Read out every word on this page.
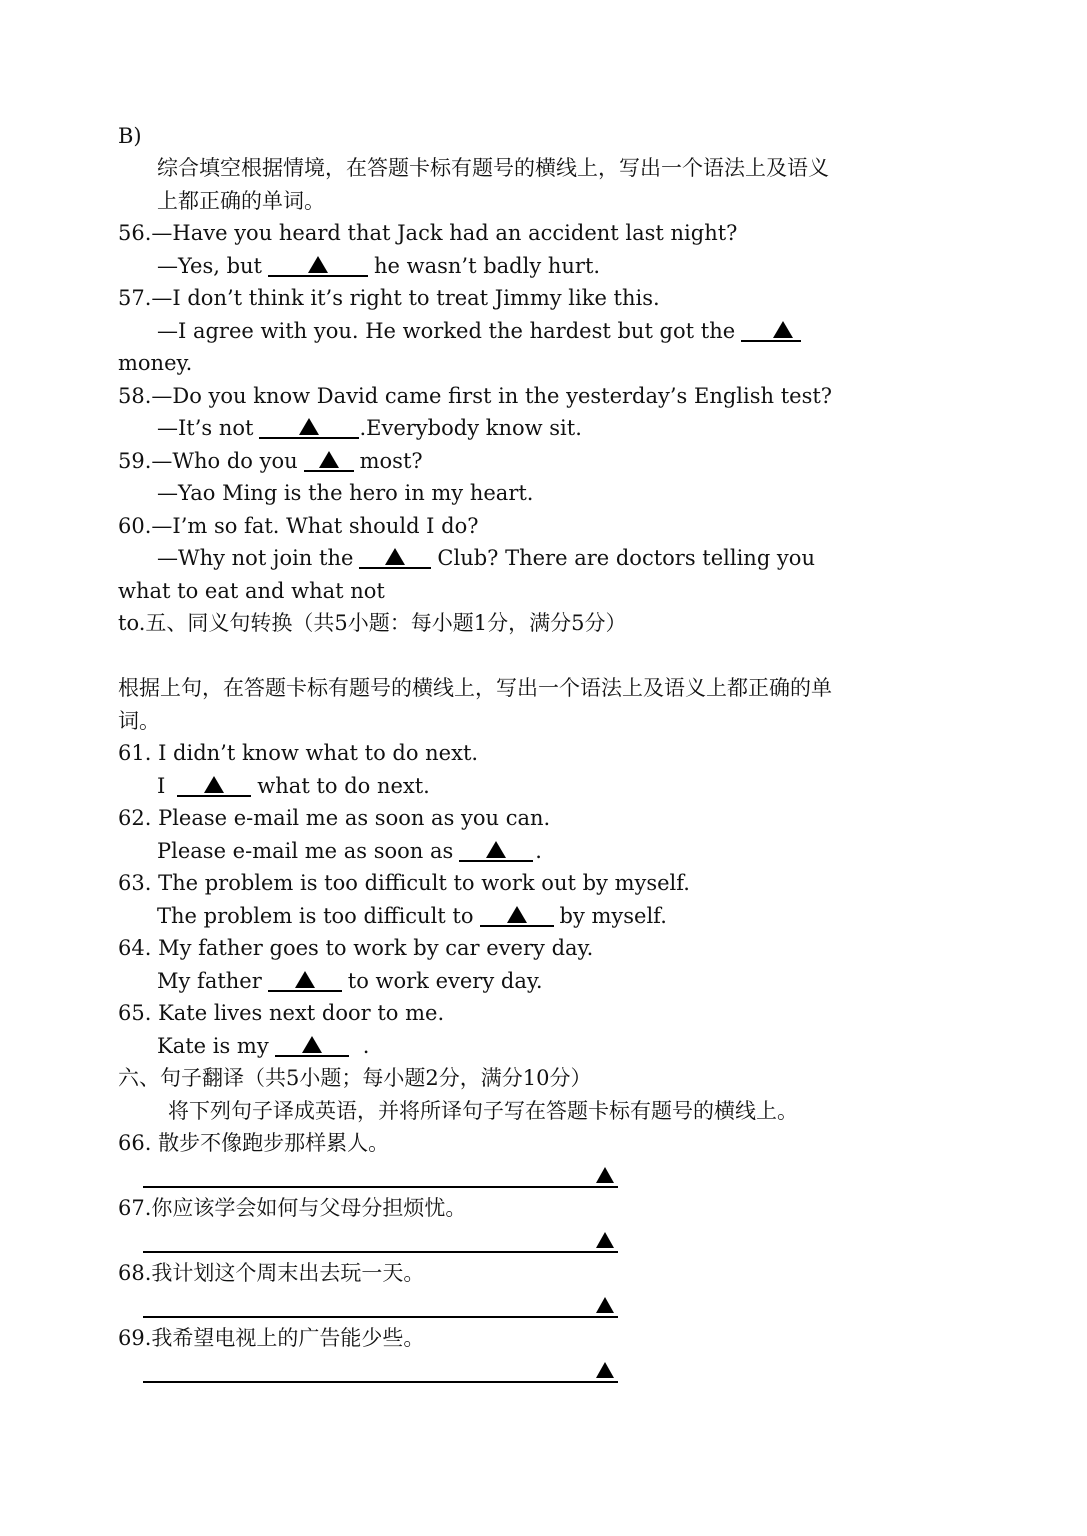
B)
综合填空根据情境，在答题卡标有题号的横线上，写出一个语法上及语义
上都正确的单词。
56.—Have you heard that Jack had an accident last night?
—Yes, but	he wasn’t badly hurt.
57.—I don’t think it’s right to treat Jimmy like this.
—I agree with you. He worked the hardest but got the
money.
58.—Do you know David came first in the yesterday’s English test?
—It’s not	.Everybody know sit.
59.—Who do you	most?
—Yao Ming is the hero in my heart.
60.—I’m so fat. What should I do?
—Why not join the	Club? There are doctors telling you
what to eat and what not
to.五、同义句转换（共5小题：每小题1分，满分5分）
根据上句，在答题卡标有题号的横线上，写出一个语法上及语义上都正确的单
词。
61. I didn’t know what to do next.
I	what to do next.
62. Please e-mail me as soon as you can.
Please e-mail me as soon as	.
63. The problem is too difficult to work out by myself.
The problem is too difficult to	by myself.
64. My father goes to work by car every day.
My father	to work every day.
65. Kate lives next door to me.
Kate is my	.
六、句子翻译（共5小题；每小题2分，满分10分）
将下列句子译成英语，并将所译句子写在答题卡标有题号的横线上。
66. 散步不像跑步那样累人。
67.你应该学会如何与父母分担烦忧。
68.我计划这个周末出去玩一天。
69.我希望电视上的广告能少些。
